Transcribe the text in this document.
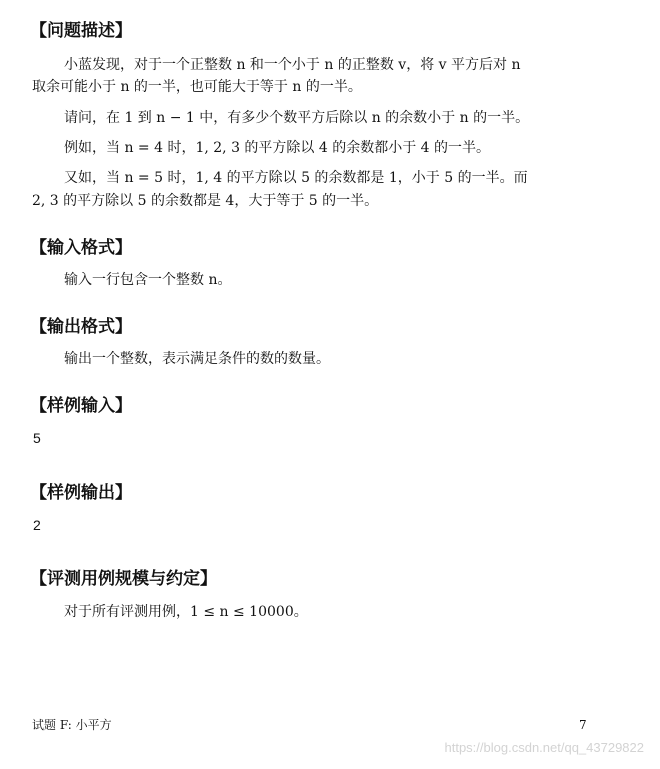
【问题描述】
小蓝发现，对于一个正整数 n 和一个小于 n 的正整数 v，将 v 平方后对 n
取余可能小于 n 的一半，也可能大于等于 n 的一半。
请问，在 1 到 n − 1 中，有多少个数平方后除以 n 的余数小于 n 的一半。
例如，当 n = 4 时，1, 2, 3 的平方除以 4 的余数都小于 4 的一半。
又如，当 n = 5 时，1, 4 的平方除以 5 的余数都是 1，小于 5 的一半。而
2, 3 的平方除以 5 的余数都是 4，大于等于 5 的一半。
【输入格式】
输入一行包含一个整数 n。
【输出格式】
输出一个整数，表示满足条件的数的数量。
【样例输入】
5
【样例输出】
2
【评测用例规模与约定】
对于所有评测用例，1 ≤ n ≤ 10000。
试题 F: 小平方	7
https://blog.csdn.net/qq_43729822
